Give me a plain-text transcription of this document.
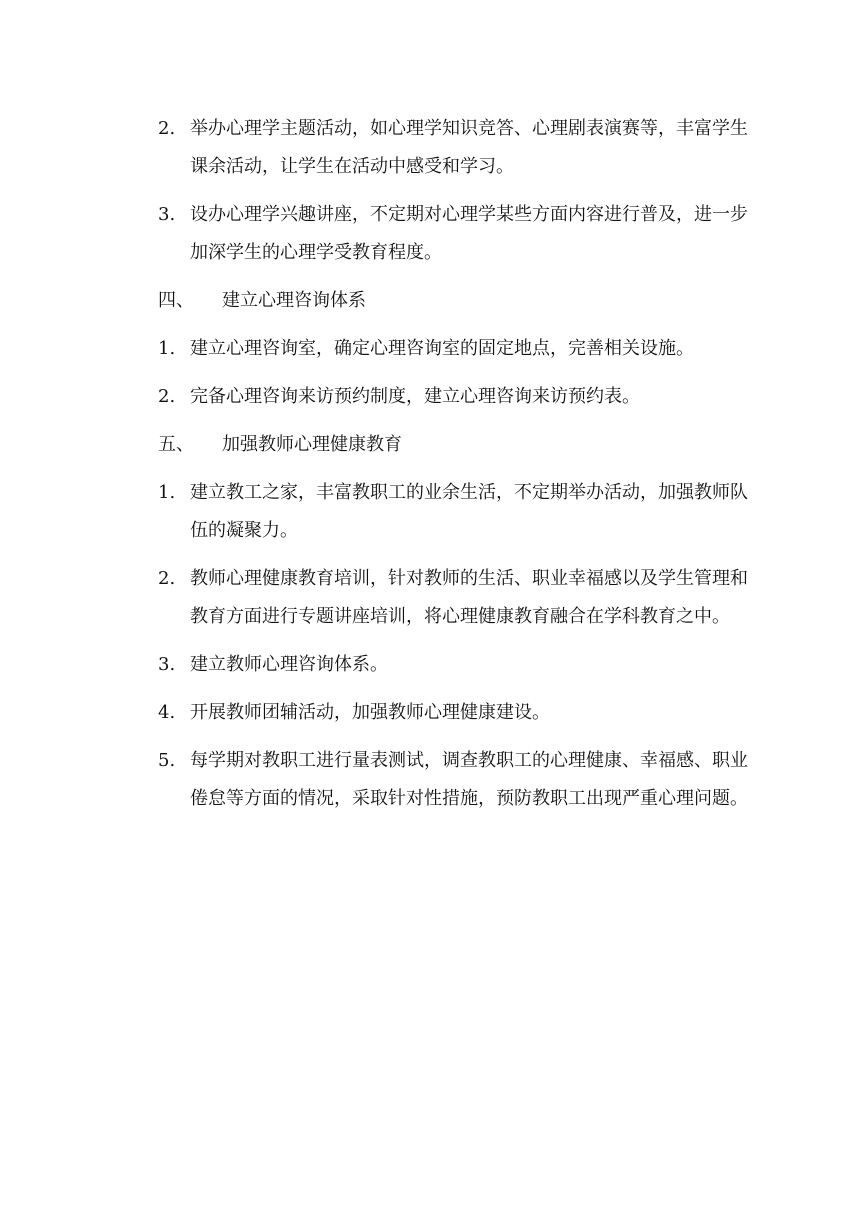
2. 举办心理学主题活动，如心理学知识竞答、心理剧表演赛等，丰富学生课余活动，让学生在活动中感受和学习。
3. 设办心理学兴趣讲座，不定期对心理学某些方面内容进行普及，进一步加深学生的心理学受教育程度。
四、	建立心理咨询体系
1. 建立心理咨询室，确定心理咨询室的固定地点，完善相关设施。
2. 完备心理咨询来访预约制度，建立心理咨询来访预约表。
五、	加强教师心理健康教育
1. 建立教工之家，丰富教职工的业余生活，不定期举办活动，加强教师队伍的凝聚力。
2. 教师心理健康教育培训，针对教师的生活、职业幸福感以及学生管理和教育方面进行专题讲座培训，将心理健康教育融合在学科教育之中。
3. 建立教师心理咨询体系。
4. 开展教师团辅活动，加强教师心理健康建设。
5. 每学期对教职工进行量表测试，调查教职工的心理健康、幸福感、职业倦怠等方面的情况，采取针对性措施，预防教职工出现严重心理问题。
